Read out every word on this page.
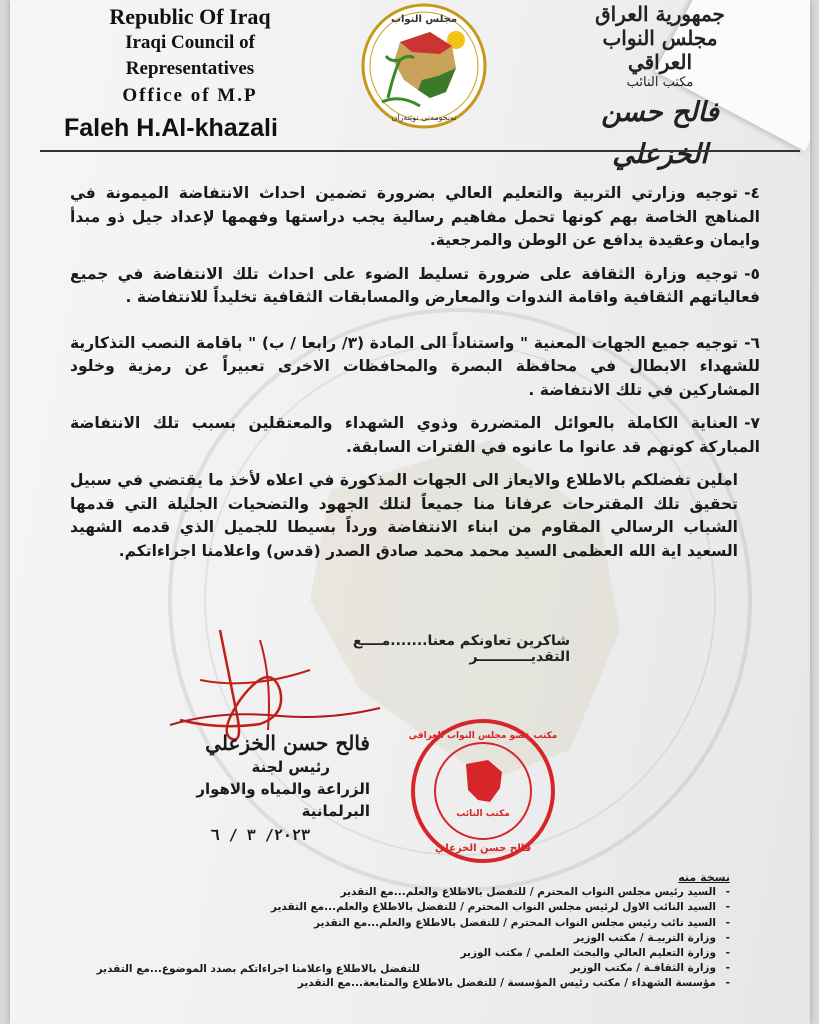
Republic Of Iraq
Iraqi Council of Representatives
Office of M.P
Faleh H.Al-khazali
مجلس النواب
نەنجومەنی نوێنەران
جمهورية العراق
مجلس النواب العراقي
مكتب النائب
فالح حسن الخزعلي

٤-توجيه وزارتي التربية والتعليم العالي بضرورة تضمين احداث الانتفاضة الميمونة في المناهج الخاصة بهم كونها تحمل مفاهيم رسالية يجب دراستها وفهمها لإعداد جيل ذو مبدأ وايمان وعقيدة يدافع عن الوطن والمرجعية.

٥-توجيه وزارة الثقافة على ضرورة تسليط الضوء على احداث تلك الانتفاضة في جميع فعالياتهم الثقافية واقامة الندوات والمعارض والمسابقات الثقافية تخليداً للانتفاضة .

٦-توجيه جميع الجهات المعنية " واستناداً الى المادة (٣/ رابعا / ب) " باقامة النصب التذكارية للشهداء الابطال في محافظة البصرة والمحافظات الاخرى تعبيراً عن رمزية وخلود المشاركين في تلك الانتفاضة .

٧-العناية الكاملة بالعوائل المتضررة وذوي الشهداء والمعتقلين بسبب تلك الانتفاضة المباركة كونهم قد عانوا ما عانوه في الفترات السابقة.

املين تفضلكم بالاطلاع والايعاز الى الجهات المذكورة في اعلاه لأخذ ما يقتضي في سبيل تحقيق تلك المقترحات عرفانا منا جميعاً لتلك الجهود والتضحيات الجليلة التي قدمها الشباب الرسالي المقاوم من ابناء الانتفاضة ورداً بسيطا للجميل الذي قدمه الشهيد السعيد اية الله العظمى السيد محمد محمد صادق الصدر (قدس) واعلامنا اجراءاتكم.

شاكرين تعاونكم معنا.......مــــع التقديـــــــــــر
فالح حسن الخزعلي
رئيس لجنة
الزراعة والمياه والاهوار البرلمانية
٢٠٢٣/ ٣ / ٦
مكتب عضو مجلس النواب العراقي
مكتب النائب
فالح حسن الخزعلي
نسخة منه
-السيد رئيس مجلس النواب المحترم / للتفضل بالاطلاع والعلم...مع التقدير
-السيد النائب الاول لرئيس مجلس النواب المحترم / للتفضل بالاطلاع والعلم...مع التقدير
-السيد نائب رئيس مجلس النواب المحترم / للتفضل بالاطلاع والعلم...مع التقدير
-وزارة التربيـة / مكتب الوزير
-وزارة التعليم العالي والبحث العلمي / مكتب الوزير
-وزارة الثقافـة / مكتب الوزير
-مؤسسة الشهداء / مكتب رئيس المؤسسة / للتفضل بالاطلاع والمتابعة...مع التقدير
للتفضل بالاطلاع واعلامنا اجراءاتكم بصدد الموضوع...مع التقدير
